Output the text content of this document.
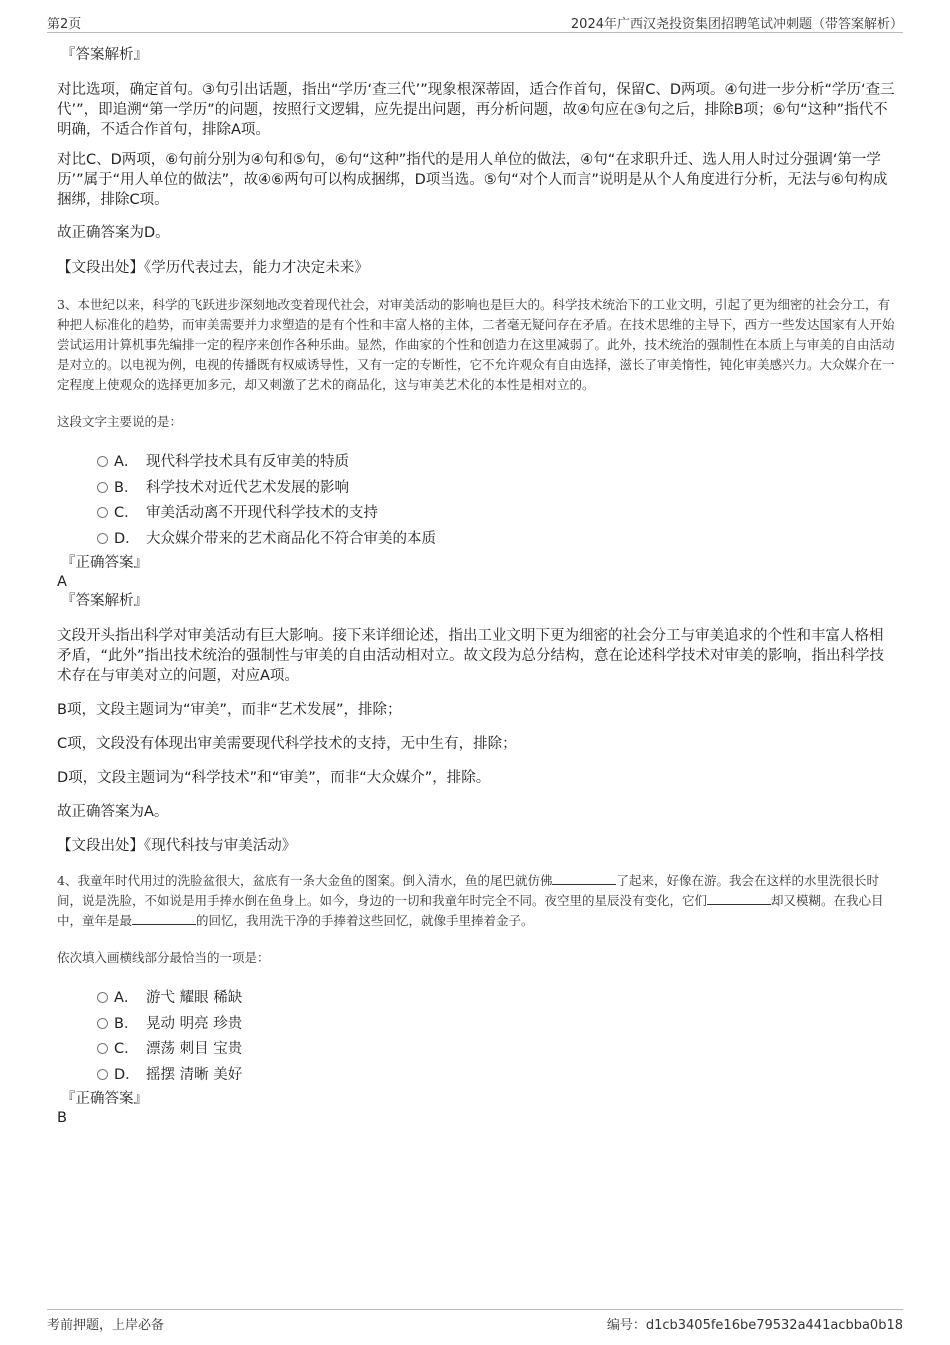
第2页	2024年广西汉尧投资集团招聘笔试冲刺题（带答案解析）
『答案解析』

对比选项，确定首句。③句引出话题，指出“学历‘查三代’”现象根深蒂固，适合作首句，保留C、D两项。④句进一步分析“学历‘查三代’”，即追溯“第一学历”的问题，按照行文逻辑，应先提出问题，再分析问题，故④句应在③句之后，排除B项；⑥句“这种”指代不明确，不适合作首句，排除A项。

对比C、D两项，⑥句前分别为④句和⑤句，⑥句“这种”指代的是用人单位的做法，④句“在求职升迁、选人用人时过分强调‘第一学历’”属于“用人单位的做法”，故④⑥两句可以构成捆绑，D项当选。⑤句“对个人而言”说明是从个人角度进行分析，无法与⑥句构成捆绑，排除C项。

故正确答案为D。

【文段出处】《学历代表过去，能力才决定未来》

3、本世纪以来，科学的飞跃进步深刻地改变着现代社会，对审美活动的影响也是巨大的。科学技术统治下的工业文明，引起了更为细密的社会分工，有种把人标准化的趋势，而审美需要并力求塑造的是有个性和丰富人格的主体，二者毫无疑问存在矛盾。在技术思维的主导下，西方一些发达国家有人开始尝试运用计算机事先编排一定的程序来创作各种乐曲。显然，作曲家的个性和创造力在这里减弱了。此外，技术统治的强制性在本质上与审美的自由活动是对立的。以电视为例，电视的传播既有权威诱导性，又有一定的专断性，它不允许观众有自由选择，滋长了审美惰性，钝化审美感兴力。大众媒介在一定程度上使观众的选择更加多元，却又刺激了艺术的商品化，这与审美艺术化的本性是相对立的。

这段文字主要说的是：

A． 现代科学技术具有反审美的特质
B． 科学技术对近代艺术发展的影响
C． 审美活动离不开现代科学技术的支持
D． 大众媒介带来的艺术商品化不符合审美的本质
『正确答案』
A
『答案解析』

文段开头指出科学对审美活动有巨大影响。接下来详细论述，指出工业文明下更为细密的社会分工与审美追求的个性和丰富人格相矛盾，“此外”指出技术统治的强制性与审美的自由活动相对立。故文段为总分结构，意在论述科学技术对审美的影响，指出科学技术存在与审美对立的问题，对应A项。

B项，文段主题词为“审美”，而非“艺术发展”，排除；

C项，文段没有体现出审美需要现代科学技术的支持，无中生有，排除；

D项，文段主题词为“科学技术”和“审美”，而非“大众媒介”，排除。

故正确答案为A。

【文段出处】《现代科技与审美活动》

4、我童年时代用过的洗脸盆很大，盆底有一条大金鱼的图案。倒入清水，鱼的尾巴就仿佛	了起来，好像在游。我会在这样的水里洗很长时间，说是洗脸，不如说是用手捧水倒在鱼身上。如今，身边的一切和我童年时完全不同。夜空里的星辰没有变化，它们	却又模糊。在我心目中，童年是最	的回忆，我用洗干净的手捧着这些回忆，就像手里捧着金子。

依次填入画横线部分最恰当的一项是：

A． 游弋 耀眼 稀缺
B． 晃动 明亮 珍贵
C． 漂荡 刺目 宝贵
D． 摇摆 清晰 美好
『正确答案』
B
考前押题，上岸必备	编号：d1cb3405fe16be79532a441acbba0b18
